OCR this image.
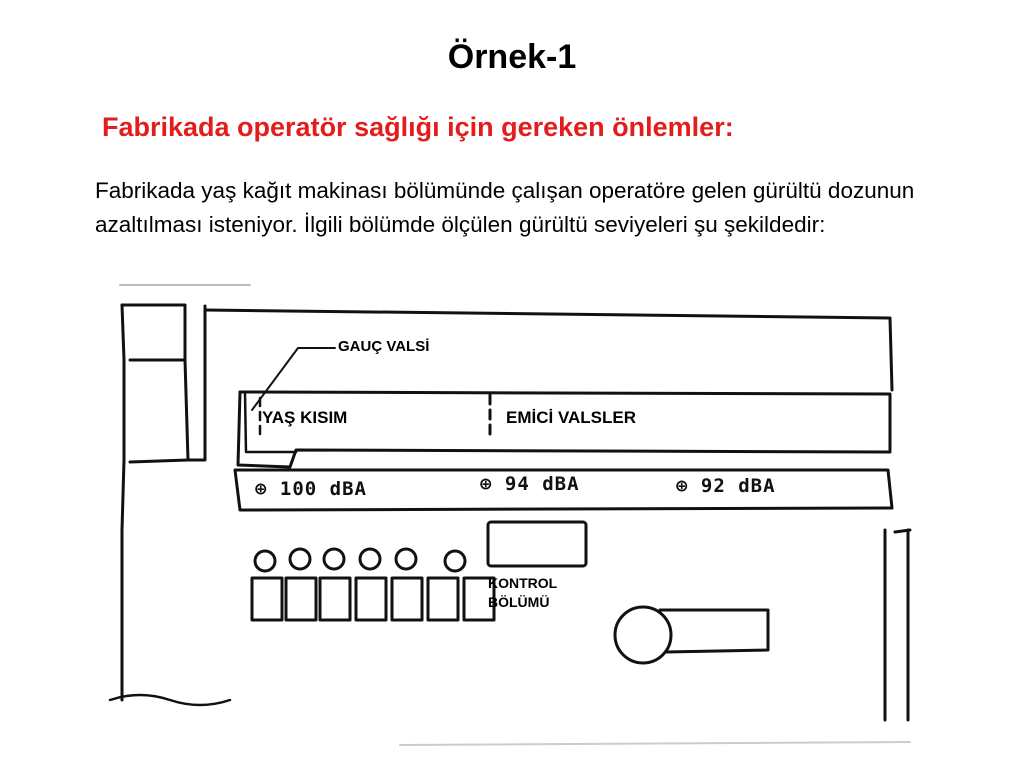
Örnek-1
Fabrikada operatör sağlığı için gereken önlemler:

Fabrikada yaş kağıt makinası bölümünde çalışan operatöre gelen gürültü dozunun azaltılması isteniyor. İlgili bölümde ölçülen gürültü seviyeleri şu şekildedir:

GAUÇ VALSİ
YAŞ KISIM	EMİCİ VALSLER
⊕ 100 dBA	⊕ 94 dBA	⊕ 92 dBA
KONTROL
BÖLÜMÜ
